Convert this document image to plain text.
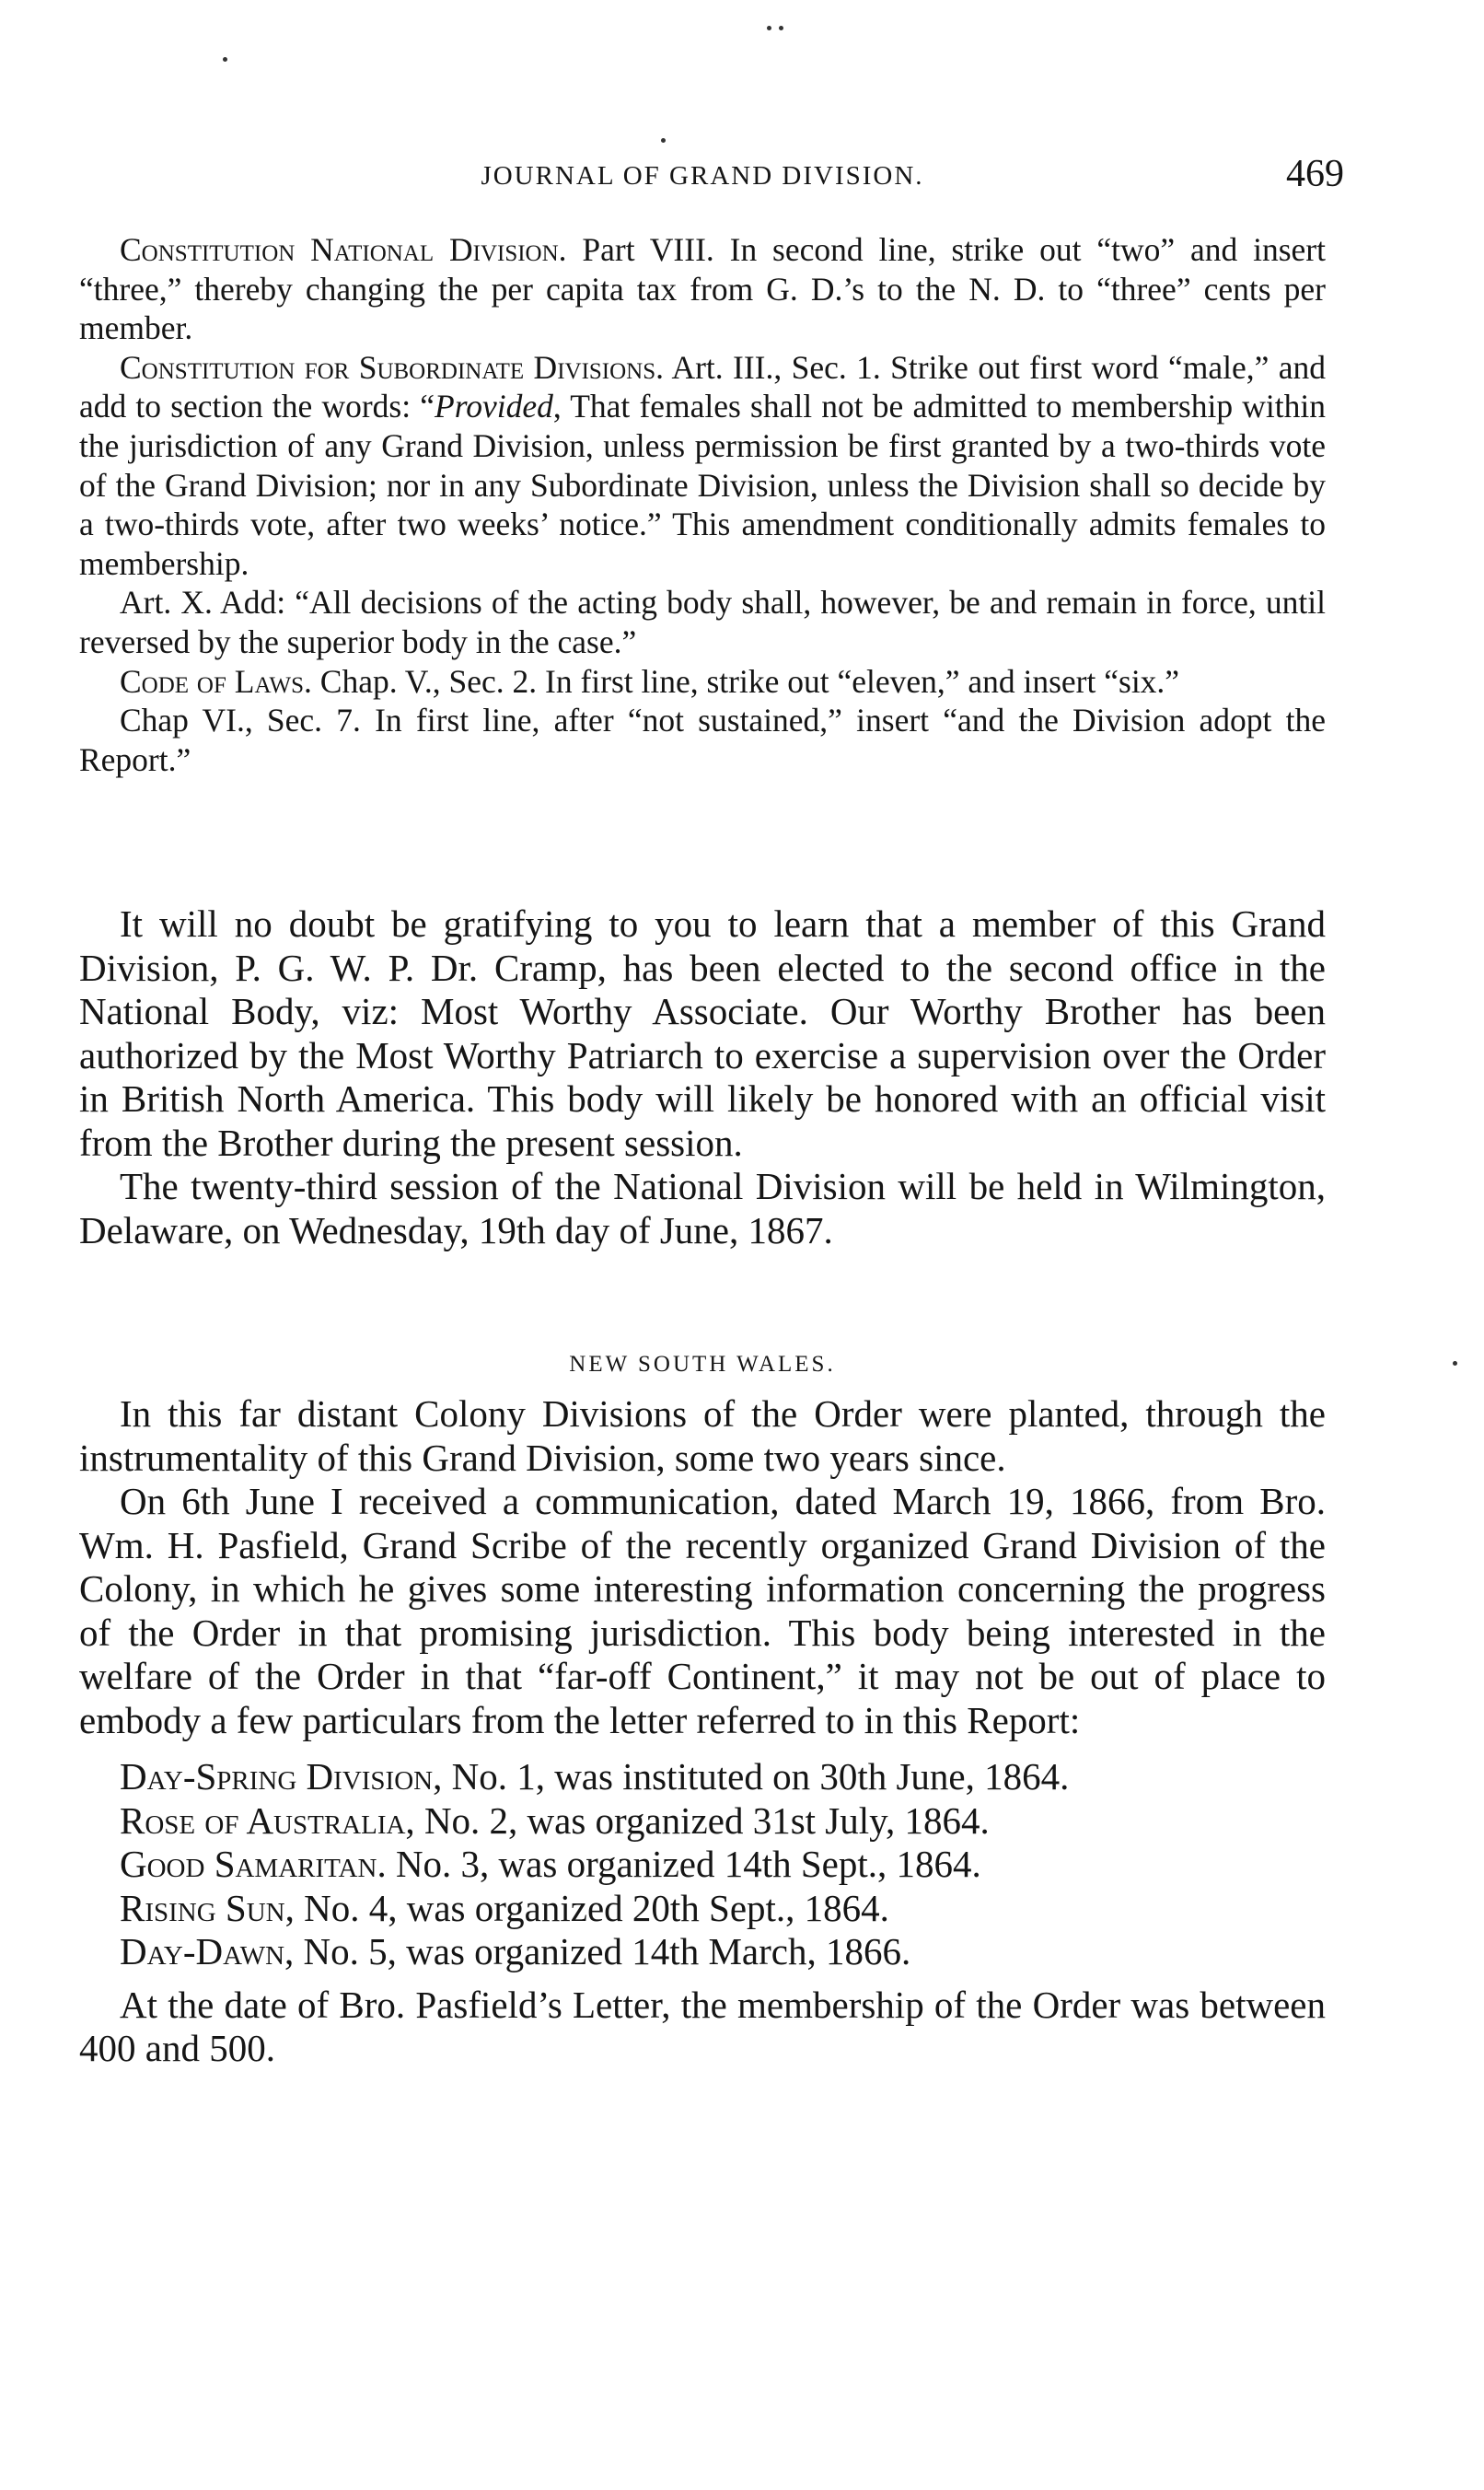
JOURNAL OF GRAND DIVISION.	469

Constitution National Division. Part VIII. In second line, strike out “two” and insert “three,” thereby changing the per capita tax from G. D.’s to the N. D. to “three” cents per member.

Constitution for Subordinate Divisions. Art. III., Sec. 1. Strike out first word “male,” and add to section the words: “Provided, That females shall not be admitted to membership within the jurisdiction of any Grand Division, unless permission be first granted by a two-thirds vote of the Grand Division; nor in any Subordinate Division, unless the Division shall so decide by a two-thirds vote, after two weeks’ notice.” This amendment conditionally admits females to membership.

Art. X. Add: “All decisions of the acting body shall, however, be and remain in force, until reversed by the superior body in the case.”

Code of Laws. Chap. V., Sec. 2. In first line, strike out “eleven,” and insert “six.”

Chap VI., Sec. 7. In first line, after “not sustained,” insert “and the Division adopt the Report.”

It will no doubt be gratifying to you to learn that a member of this Grand Division, P. G. W. P. Dr. Cramp, has been elected to the second office in the National Body, viz: Most Worthy Associate. Our Worthy Brother has been authorized by the Most Worthy Patriarch to exercise a supervision over the Order in British North America. This body will likely be honored with an official visit from the Brother during the present session.

The twenty-third session of the National Division will be held in Wilmington, Delaware, on Wednesday, 19th day of June, 1867.

NEW SOUTH WALES.

In this far distant Colony Divisions of the Order were planted, through the instrumentality of this Grand Division, some two years since.

On 6th June I received a communication, dated March 19, 1866, from Bro. Wm. H. Pasfield, Grand Scribe of the recently organized Grand Division of the Colony, in which he gives some interesting information concerning the progress of the Order in that promising jurisdiction. This body being interested in the welfare of the Order in that “far-off Continent,” it may not be out of place to embody a few particulars from the letter referred to in this Report:

Day-Spring Division, No. 1, was instituted on 30th June, 1864.
Rose of Australia, No. 2, was organized 31st July, 1864.
Good Samaritan. No. 3, was organized 14th Sept., 1864.
Rising Sun, No. 4, was organized 20th Sept., 1864.
Day-Dawn, No. 5, was organized 14th March, 1866.

At the date of Bro. Pasfield’s Letter, the membership of the Order was between 400 and 500.
